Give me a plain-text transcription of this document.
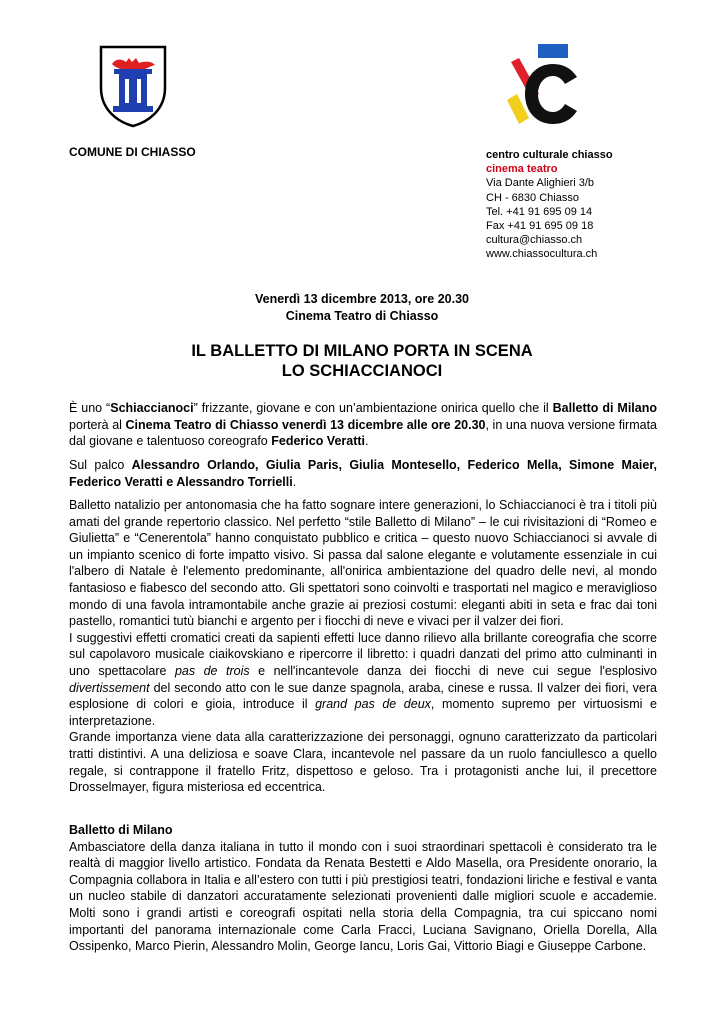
COMUNE DI CHIASSO	centro culturale chiasso
cinema teatro
Via Dante Alighieri 3/b
CH - 6830 Chiasso
Tel. +41 91 695 09 14
Fax +41 91 695 09 18
cultura@chiasso.ch
www.chiassocultura.ch
Venerdì 13 dicembre 2013, ore 20.30
Cinema Teatro di Chiasso
IL BALLETTO DI MILANO PORTA IN SCENA
LO SCHIACCIANOCI

È uno “Schiaccianoci” frizzante, giovane e con un’ambientazione onirica quello che il Balletto di Milano porterà al Cinema Teatro di Chiasso venerdì 13 dicembre alle ore 20.30, in una nuova versione firmata dal giovane e talentuoso coreografo Federico Veratti.

Sul palco Alessandro Orlando, Giulia Paris, Giulia Montesello, Federico Mella, Simone Maier, Federico Veratti e Alessandro Torrielli.

Balletto natalizio per antonomasia che ha fatto sognare intere generazioni, lo Schiaccianoci è tra i titoli più amati del grande repertorio classico. Nel perfetto “stile Balletto di Milano” – le cui rivisitazioni di “Romeo e Giulietta” e “Cenerentola” hanno conquistato pubblico e critica – questo nuovo Schiaccianoci si avvale di un impianto scenico di forte impatto visivo. Si passa dal salone elegante e volutamente essenziale in cui l'albero di Natale è l'elemento predominante, all'onirica ambientazione del quadro delle nevi, al mondo fantasioso e fiabesco del secondo atto. Gli spettatori sono coinvolti e trasportati nel magico e meraviglioso mondo di una favola intramontabile anche grazie ai preziosi costumi: eleganti abiti in seta e frac dai toni pastello, romantici tutù bianchi e argento per i fiocchi di neve e vivaci per il valzer dei fiori.

I suggestivi effetti cromatici creati da sapienti effetti luce danno rilievo alla brillante coreografia che scorre sul capolavoro musicale ciaikovskiano e ripercorre il libretto: i quadri danzati del primo atto culminanti in uno spettacolare pas de trois e nell'incantevole danza dei fiocchi di neve cui segue l'esplosivo divertissement del secondo atto con le sue danze spagnola, araba, cinese e russa. Il valzer dei fiori, vera esplosione di colori e gioia, introduce il grand pas de deux, momento supremo per virtuosismi e interpretazione.

Grande importanza viene data alla caratterizzazione dei personaggi, ognuno caratterizzato da particolari tratti distintivi. A una deliziosa e soave Clara, incantevole nel passare da un ruolo fanciullesco a quello regale, si contrappone il fratello Fritz, dispettoso e geloso. Tra i protagonisti anche lui, il precettore Drosselmayer, figura misteriosa ed eccentrica.

Balletto di Milano

Ambasciatore della danza italiana in tutto il mondo con i suoi straordinari spettacoli è considerato tra le realtà di maggior livello artistico. Fondata da Renata Bestetti e Aldo Masella, ora Presidente onorario, la Compagnia collabora in Italia e all’estero con tutti i più prestigiosi teatri, fondazioni liriche e festival e vanta un nucleo stabile di danzatori accuratamente selezionati provenienti dalle migliori scuole e accademie. Molti sono i grandi artisti e coreografi ospitati nella storia della Compagnia, tra cui spiccano nomi importanti del panorama internazionale come Carla Fracci, Luciana Savignano, Oriella Dorella, Alla Ossipenko, Marco Pierin, Alessandro Molin, George Iancu, Loris Gai, Vittorio Biagi e Giuseppe Carbone.
